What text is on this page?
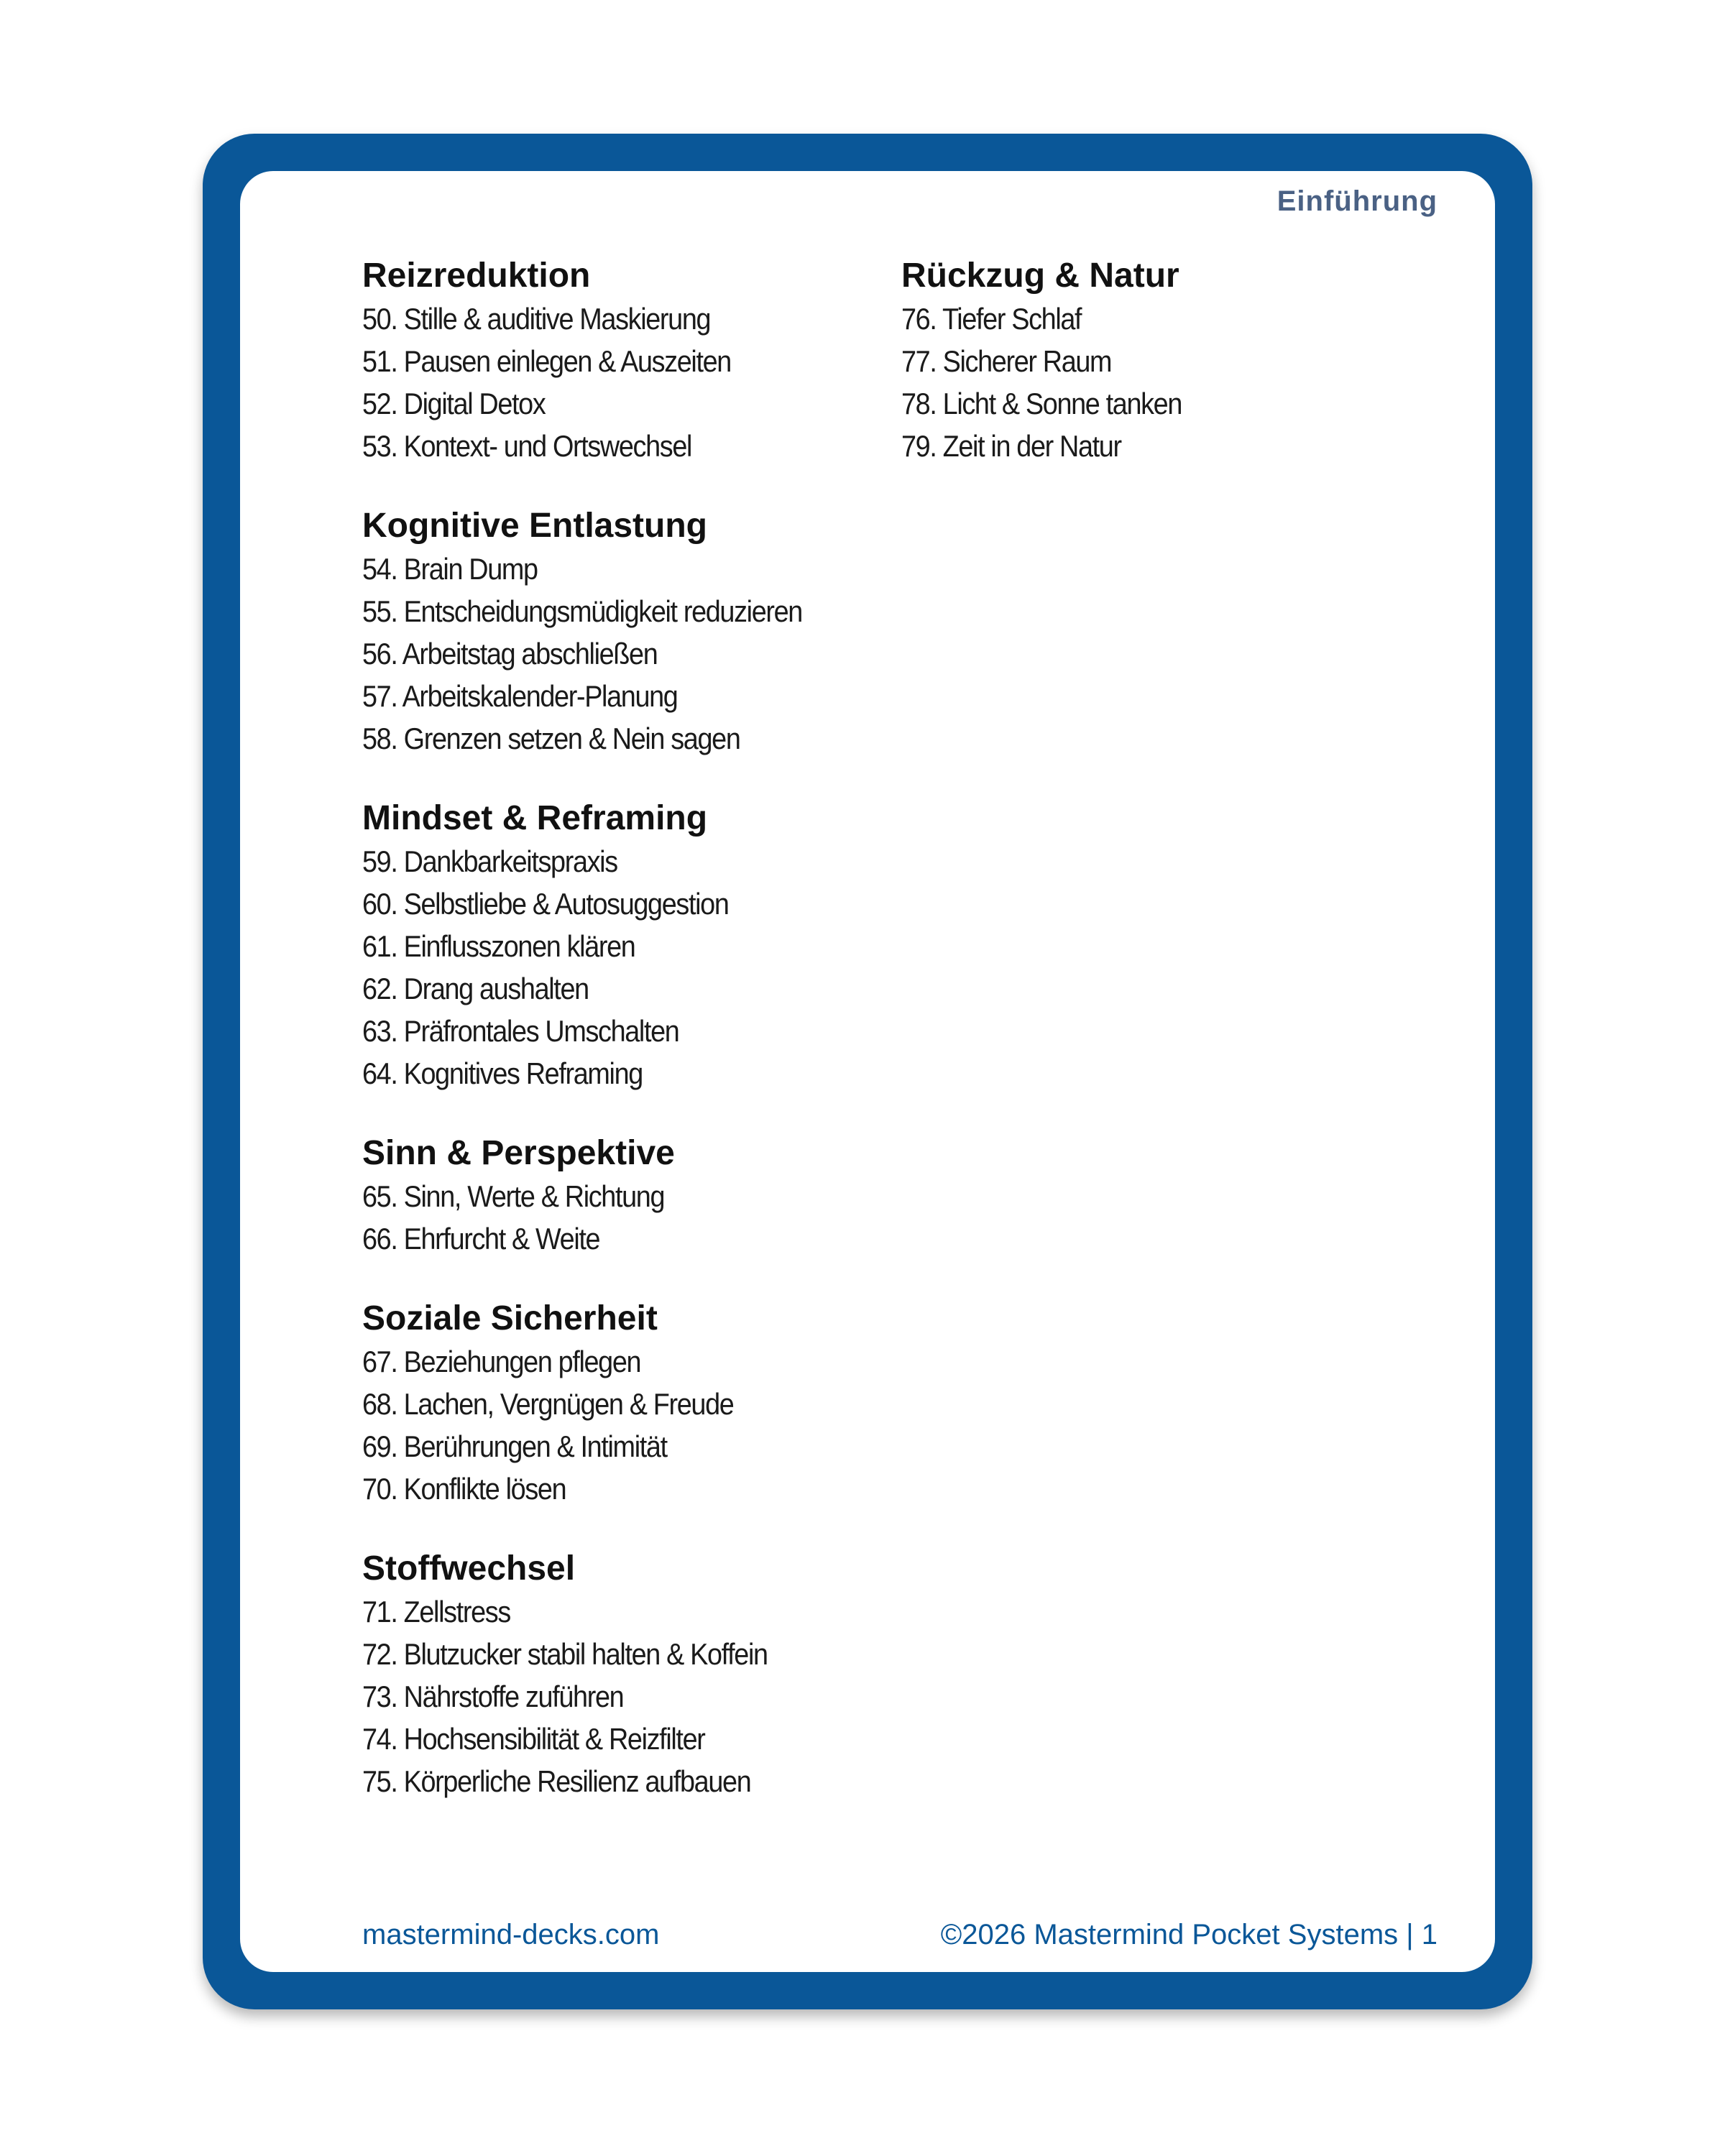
Einführung
Reizreduktion
50. Stille & auditive Maskierung
51. Pausen einlegen & Auszeiten
52. Digital Detox
53. Kontext- und Ortswechsel
Kognitive Entlastung
54. Brain Dump
55. Entscheidungsmüdigkeit reduzieren
56. Arbeitstag abschließen
57. Arbeitskalender-Planung
58. Grenzen setzen & Nein sagen
Mindset & Reframing
59. Dankbarkeitspraxis
60. Selbstliebe & Autosuggestion
61. Einflusszonen klären
62. Drang aushalten
63. Präfrontales Umschalten
64. Kognitives Reframing
Sinn & Perspektive
65. Sinn, Werte & Richtung
66. Ehrfurcht & Weite
Soziale Sicherheit
67. Beziehungen pflegen
68. Lachen, Vergnügen & Freude
69. Berührungen & Intimität
70. Konflikte lösen
Stoffwechsel
71. Zellstress
72. Blutzucker stabil halten & Koffein
73. Nährstoffe zuführen
74. Hochsensibilität & Reizfilter
75. Körperliche Resilienz aufbauen
Rückzug & Natur
76. Tiefer Schlaf
77. Sicherer Raum
78. Licht & Sonne tanken
79. Zeit in der Natur
mastermind-decks.com	©2026 Mastermind Pocket Systems | 1
